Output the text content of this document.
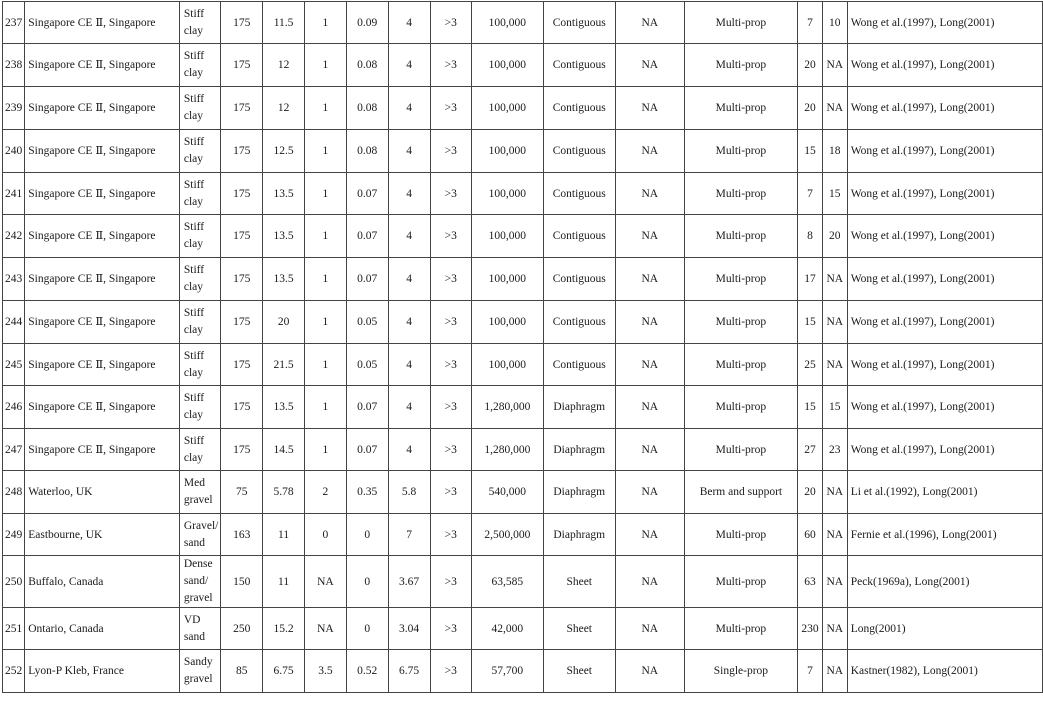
237	Singapore CE Ⅱ, Singapore	Stiff clay	175	11.5	1	0.09	4	>3	100,000	Contiguous	NA	Multi-prop	7	10	Wong et al.(1997), Long(2001)
238	Singapore CE Ⅱ, Singapore	Stiff clay	175	12	1	0.08	4	>3	100,000	Contiguous	NA	Multi-prop	20	NA	Wong et al.(1997), Long(2001)
239	Singapore CE Ⅱ, Singapore	Stiff clay	175	12	1	0.08	4	>3	100,000	Contiguous	NA	Multi-prop	20	NA	Wong et al.(1997), Long(2001)
240	Singapore CE Ⅱ, Singapore	Stiff clay	175	12.5	1	0.08	4	>3	100,000	Contiguous	NA	Multi-prop	15	18	Wong et al.(1997), Long(2001)
241	Singapore CE Ⅱ, Singapore	Stiff clay	175	13.5	1	0.07	4	>3	100,000	Contiguous	NA	Multi-prop	7	15	Wong et al.(1997), Long(2001)
242	Singapore CE Ⅱ, Singapore	Stiff clay	175	13.5	1	0.07	4	>3	100,000	Contiguous	NA	Multi-prop	8	20	Wong et al.(1997), Long(2001)
243	Singapore CE Ⅱ, Singapore	Stiff clay	175	13.5	1	0.07	4	>3	100,000	Contiguous	NA	Multi-prop	17	NA	Wong et al.(1997), Long(2001)
244	Singapore CE Ⅱ, Singapore	Stiff clay	175	20	1	0.05	4	>3	100,000	Contiguous	NA	Multi-prop	15	NA	Wong et al.(1997), Long(2001)
245	Singapore CE Ⅱ, Singapore	Stiff clay	175	21.5	1	0.05	4	>3	100,000	Contiguous	NA	Multi-prop	25	NA	Wong et al.(1997), Long(2001)
246	Singapore CE Ⅱ, Singapore	Stiff clay	175	13.5	1	0.07	4	>3	1,280,000	Diaphragm	NA	Multi-prop	15	15	Wong et al.(1997), Long(2001)
247	Singapore CE Ⅱ, Singapore	Stiff clay	175	14.5	1	0.07	4	>3	1,280,000	Diaphragm	NA	Multi-prop	27	23	Wong et al.(1997), Long(2001)
248	Waterloo, UK	Med gravel	75	5.78	2	0.35	5.8	>3	540,000	Diaphragm	NA	Berm and support	20	NA	Li et al.(1992), Long(2001)
249	Eastbourne, UK	Gravel/ sand	163	11	0	0	7	>3	2,500,000	Diaphragm	NA	Multi-prop	60	NA	Fernie et al.(1996), Long(2001)
250	Buffalo, Canada	Dense sand/ gravel	150	11	NA	0	3.67	>3	63,585	Sheet	NA	Multi-prop	63	NA	Peck(1969a), Long(2001)
251	Ontario, Canada	VD sand	250	15.2	NA	0	3.04	>3	42,000	Sheet	NA	Multi-prop	230	NA	Long(2001)
252	Lyon-P Kleb, France	Sandy gravel	85	6.75	3.5	0.52	6.75	>3	57,700	Sheet	NA	Single-prop	7	NA	Kastner(1982), Long(2001)
